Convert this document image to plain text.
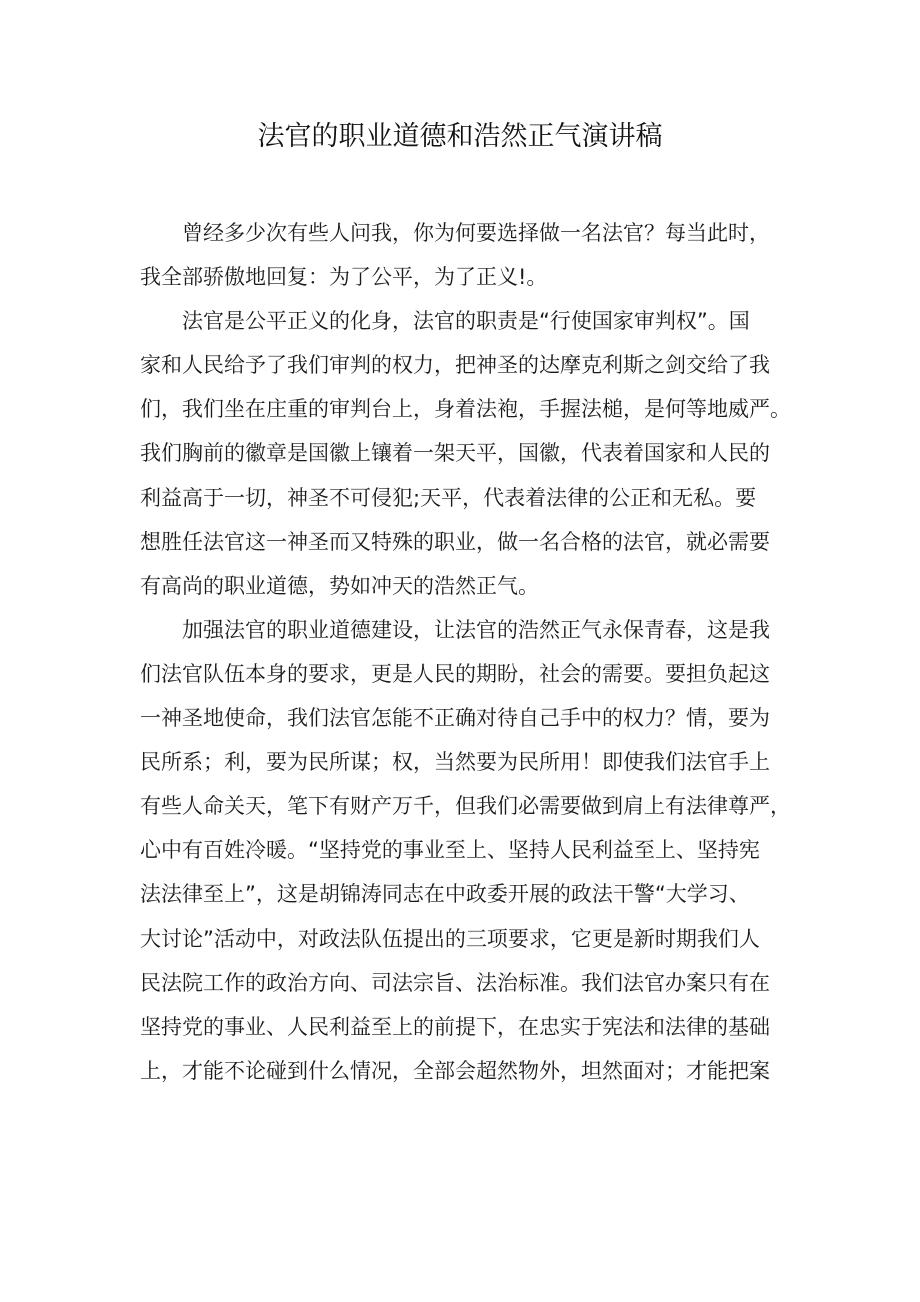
法官的职业道德和浩然正气演讲稿
曾经多少次有些人问我，你为何要选择做一名法官？每当此时，
我全部骄傲地回复：为了公平，为了正义!。
法官是公平正义的化身，法官的职责是“行使国家审判权”。国
家和人民给予了我们审判的权力，把神圣的达摩克利斯之剑交给了我
们，我们坐在庄重的审判台上，身着法袍，手握法槌，是何等地威严。
我们胸前的徽章是国徽上镶着一架天平，国徽，代表着国家和人民的
利益高于一切，神圣不可侵犯;天平，代表着法律的公正和无私。要
想胜任法官这一神圣而又特殊的职业，做一名合格的法官，就必需要
有高尚的职业道德，势如冲天的浩然正气。
加强法官的职业道德建设，让法官的浩然正气永保青春，这是我
们法官队伍本身的要求，更是人民的期盼，社会的需要。要担负起这
一神圣地使命，我们法官怎能不正确对待自己手中的权力？情，要为
民所系；利，要为民所谋；权，当然要为民所用！即使我们法官手上
有些人命关天，笔下有财产万千，但我们必需要做到肩上有法律尊严，
心中有百姓冷暖。“坚持党的事业至上、坚持人民利益至上、坚持宪
法法律至上”，这是胡锦涛同志在中政委开展的政法干警“大学习、
大讨论”活动中，对政法队伍提出的三项要求，它更是新时期我们人
民法院工作的政治方向、司法宗旨、法治标准。我们法官办案只有在
坚持党的事业、人民利益至上的前提下，在忠实于宪法和法律的基础
上，才能不论碰到什么情况，全部会超然物外，坦然面对；才能把案
